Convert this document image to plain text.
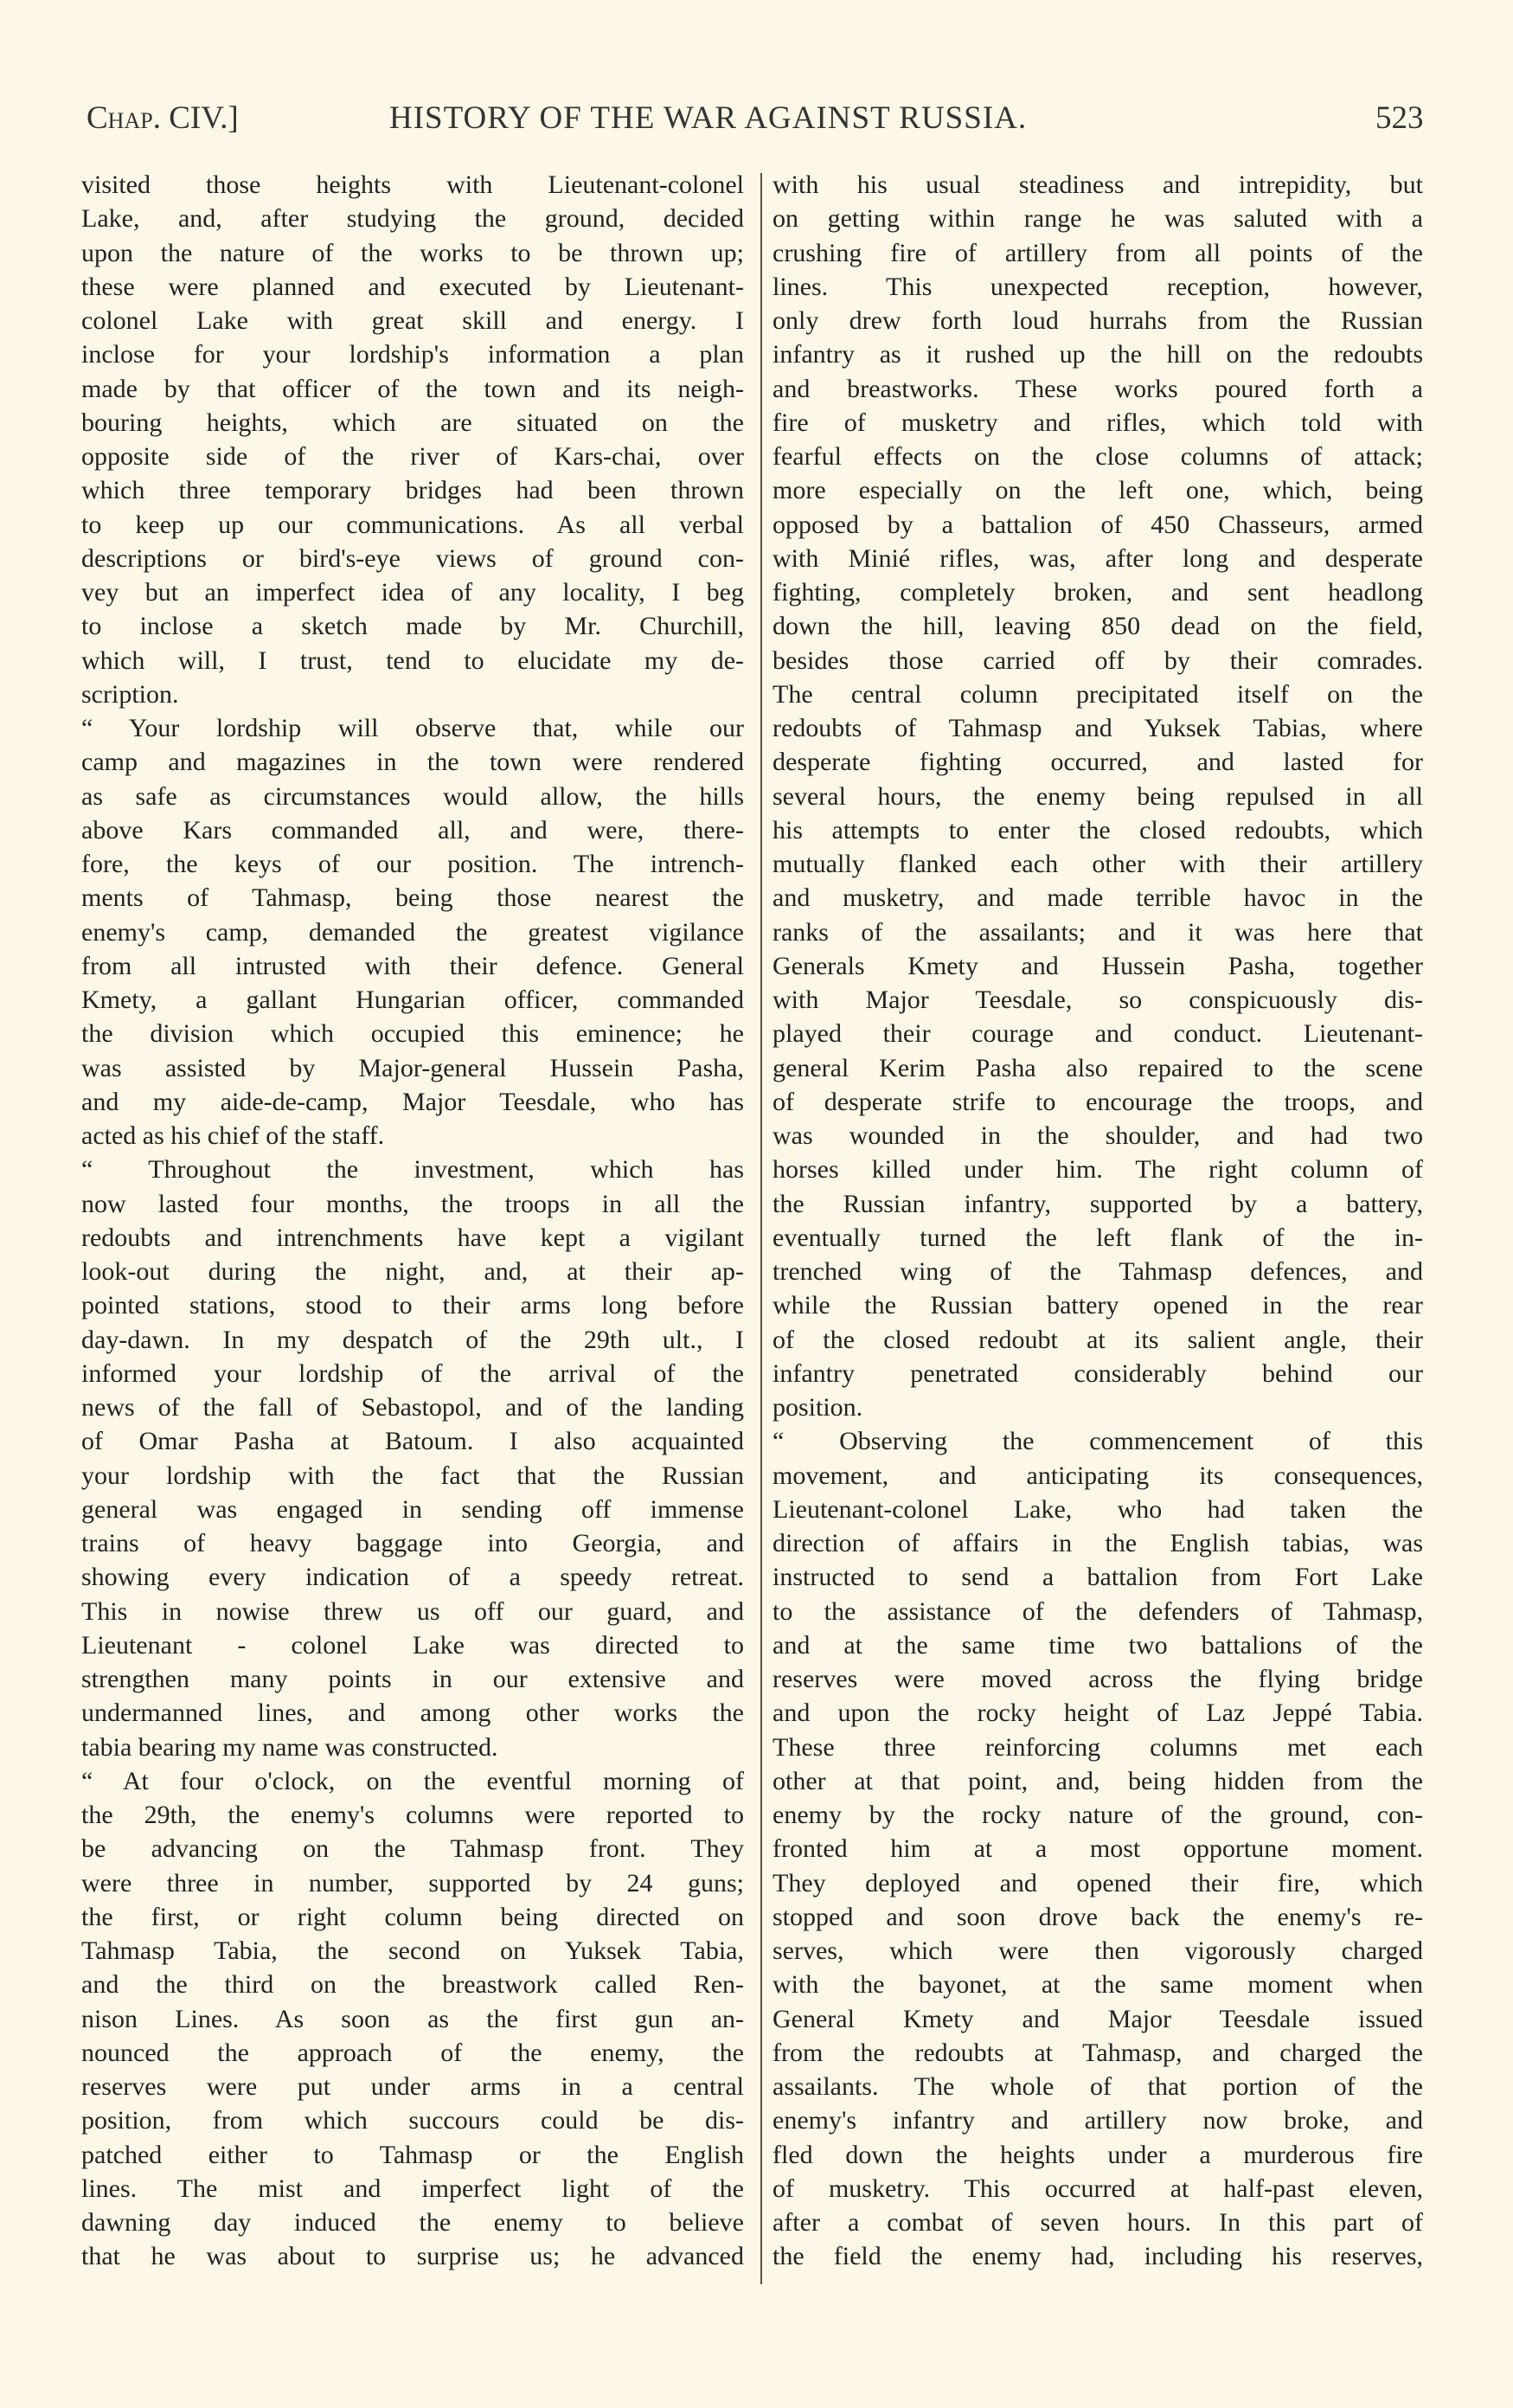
Chap. CIV.]	HISTORY OF THE WAR AGAINST RUSSIA.	523
visited those heights with Lieutenant-colonel
Lake, and, after studying the ground, decided
upon the nature of the works to be thrown up;
these were planned and executed by Lieutenant-
colonel Lake with great skill and energy. I
inclose for your lordship's information a plan
made by that officer of the town and its neigh-
bouring heights, which are situated on the
opposite side of the river of Kars-chai, over
which three temporary bridges had been thrown
to keep up our communications. As all verbal
descriptions or bird's-eye views of ground con-
vey but an imperfect idea of any locality, I beg
to inclose a sketch made by Mr. Churchill,
which will, I trust, tend to elucidate my de-
scription.
“ Your lordship will observe that, while our
camp and magazines in the town were rendered
as safe as circumstances would allow, the hills
above Kars commanded all, and were, there-
fore, the keys of our position. The intrench-
ments of Tahmasp, being those nearest the
enemy's camp, demanded the greatest vigilance
from all intrusted with their defence. General
Kmety, a gallant Hungarian officer, commanded
the division which occupied this eminence; he
was assisted by Major-general Hussein Pasha,
and my aide-de-camp, Major Teesdale, who has
acted as his chief of the staff.
“ Throughout the investment, which has
now lasted four months, the troops in all the
redoubts and intrenchments have kept a vigilant
look-out during the night, and, at their ap-
pointed stations, stood to their arms long before
day-dawn. In my despatch of the 29th ult., I
informed your lordship of the arrival of the
news of the fall of Sebastopol, and of the landing
of Omar Pasha at Batoum. I also acquainted
your lordship with the fact that the Russian
general was engaged in sending off immense
trains of heavy baggage into Georgia, and
showing every indication of a speedy retreat.
This in nowise threw us off our guard, and
Lieutenant - colonel Lake was directed to
strengthen many points in our extensive and
undermanned lines, and among other works the
tabia bearing my name was constructed.
“ At four o'clock, on the eventful morning of
the 29th, the enemy's columns were reported to
be advancing on the Tahmasp front. They
were three in number, supported by 24 guns;
the first, or right column being directed on
Tahmasp Tabia, the second on Yuksek Tabia,
and the third on the breastwork called Ren-
nison Lines. As soon as the first gun an-
nounced the approach of the enemy, the
reserves were put under arms in a central
position, from which succours could be dis-
patched either to Tahmasp or the English
lines. The mist and imperfect light of the
dawning day induced the enemy to believe
that he was about to surprise us; he advanced
with his usual steadiness and intrepidity, but
on getting within range he was saluted with a
crushing fire of artillery from all points of the
lines. This unexpected reception, however,
only drew forth loud hurrahs from the Russian
infantry as it rushed up the hill on the redoubts
and breastworks. These works poured forth a
fire of musketry and rifles, which told with
fearful effects on the close columns of attack;
more especially on the left one, which, being
opposed by a battalion of 450 Chasseurs, armed
with Minié rifles, was, after long and desperate
fighting, completely broken, and sent headlong
down the hill, leaving 850 dead on the field,
besides those carried off by their comrades.
The central column precipitated itself on the
redoubts of Tahmasp and Yuksek Tabias, where
desperate fighting occurred, and lasted for
several hours, the enemy being repulsed in all
his attempts to enter the closed redoubts, which
mutually flanked each other with their artillery
and musketry, and made terrible havoc in the
ranks of the assailants; and it was here that
Generals Kmety and Hussein Pasha, together
with Major Teesdale, so conspicuously dis-
played their courage and conduct. Lieutenant-
general Kerim Pasha also repaired to the scene
of desperate strife to encourage the troops, and
was wounded in the shoulder, and had two
horses killed under him. The right column of
the Russian infantry, supported by a battery,
eventually turned the left flank of the in-
trenched wing of the Tahmasp defences, and
while the Russian battery opened in the rear
of the closed redoubt at its salient angle, their
infantry penetrated considerably behind our
position.
“ Observing the commencement of this
movement, and anticipating its consequences,
Lieutenant-colonel Lake, who had taken the
direction of affairs in the English tabias, was
instructed to send a battalion from Fort Lake
to the assistance of the defenders of Tahmasp,
and at the same time two battalions of the
reserves were moved across the flying bridge
and upon the rocky height of Laz Jeppé Tabia.
These three reinforcing columns met each
other at that point, and, being hidden from the
enemy by the rocky nature of the ground, con-
fronted him at a most opportune moment.
They deployed and opened their fire, which
stopped and soon drove back the enemy's re-
serves, which were then vigorously charged
with the bayonet, at the same moment when
General Kmety and Major Teesdale issued
from the redoubts at Tahmasp, and charged the
assailants. The whole of that portion of the
enemy's infantry and artillery now broke, and
fled down the heights under a murderous fire
of musketry. This occurred at half-past eleven,
after a combat of seven hours. In this part of
the field the enemy had, including his reserves,
